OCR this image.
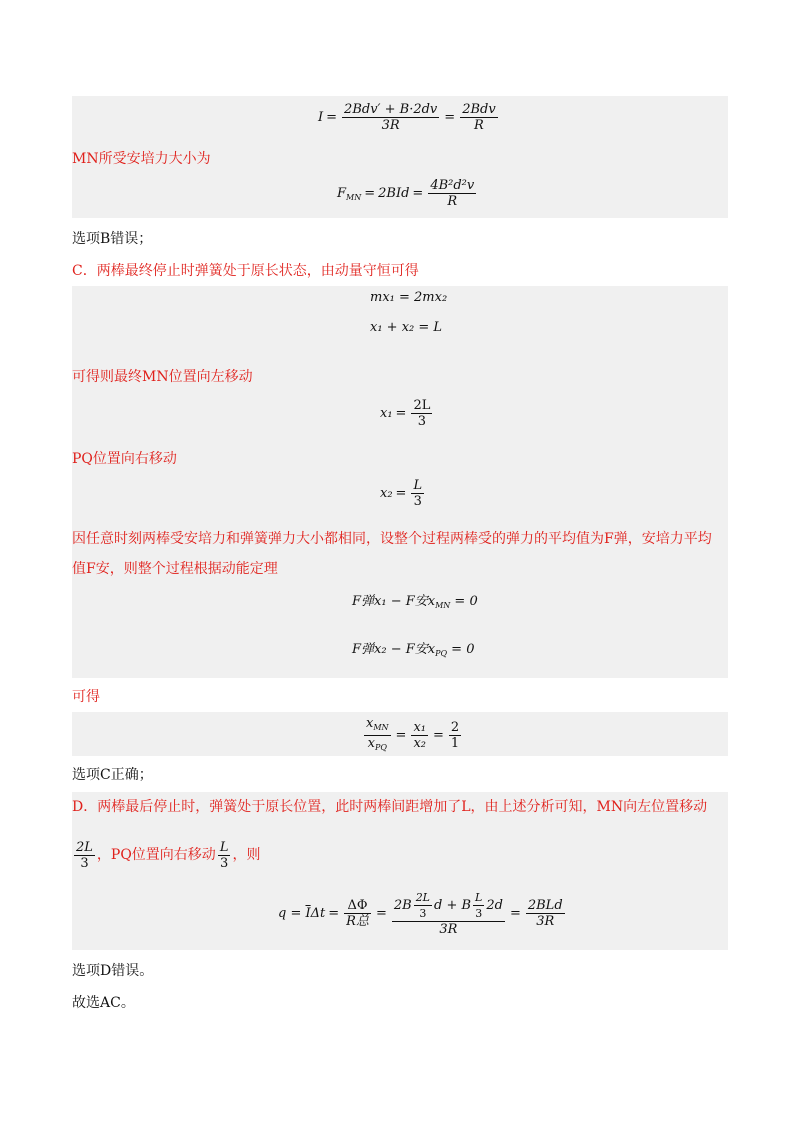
$I = \frac{\text{2Bdv′ + B·2dv}}{3R} = \frac{\text{2Bdv}}{R}$
MN所受安培力大小为
$F_{MN} = 2BId = \frac{\text{4B²d²v}}{R}$
选项B错误；
C．两棒最终停止时弹簧处于原长状态，由动量守恒可得
mx₁ = 2mx₂
x₁ + x₂ = L
可得则最终MN位置向左移动
$x_1 = \frac{2L}{3}$
PQ位置向右移动
$x_2 = \frac{L}{3}$
因任意时刻两棒受安培力和弹簧弹力大小都相同，设整个过程两棒受的弹力的平均值为F弹，安培力平均
值F安，则整个过程根据动能定理
F弹x₁ − F安$x_{MN} = 0$
F弹x₂ − F安$x_{PQ} = 0$
可得
$\frac{x_{MN}}{x_{PQ}} = \frac{\text{x₁}}{\text{x₂}} = \frac{2}{1}$
选项C正确；
D．两棒最后停止时，弹簧处于原长位置，此时两棒间距增加了L，由上述分析可知，MN向左位置移动
$\frac{2L}{3}$ ，PQ位置向右移动 $\frac{L}{3}$ ，则
$q = \overline{I}\Delta t = \frac{\Delta\Phi}{\text{R总}} = \frac{2B \frac{2L}{3} d + B \frac{L}{3} 2d}{3R} = \frac{\text{2BLd}}{3R}$
选项D错误。
故选AC。
